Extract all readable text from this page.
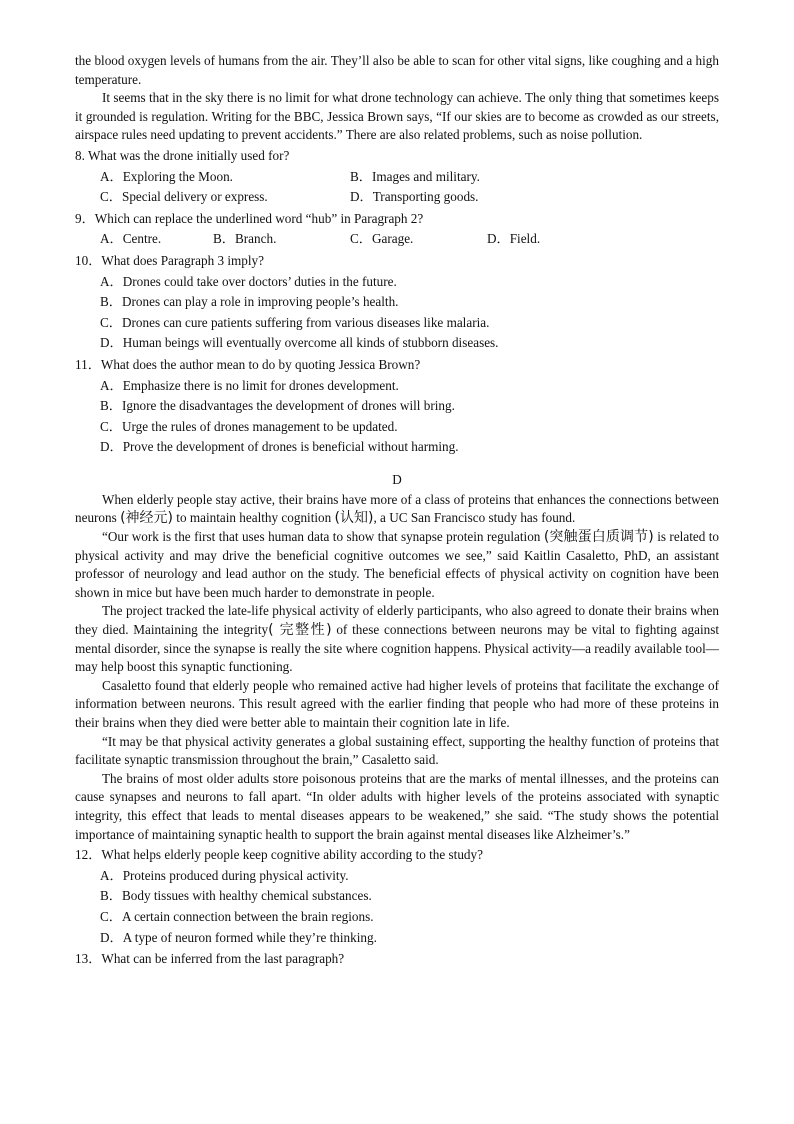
the blood oxygen levels of humans from the air. They’ll also be able to scan for other vital signs, like coughing and a high temperature.

It seems that in the sky there is no limit for what drone technology can achieve. The only thing that sometimes keeps it grounded is regulation. Writing for the BBC, Jessica Brown says, “If our skies are to become as crowded as our streets, airspace rules need updating to prevent accidents.” There are also related problems, such as noise pollution.

8. What was the drone initially used for?
A．Exploring the Moon.	B．Images and military.
C．Special delivery or express.	D．Transporting goods.
9．Which can replace the underlined word “hub” in Paragraph 2?
A．Centre.	B．Branch.	C．Garage.	D．Field.
10．What does Paragraph 3 imply?
A．Drones could take over doctors’ duties in the future.
B．Drones can play a role in improving people’s health.
C．Drones can cure patients suffering from various diseases like malaria.
D．Human beings will eventually overcome all kinds of stubborn diseases.
11．What does the author mean to do by quoting Jessica Brown?
A．Emphasize there is no limit for drones development.
B．Ignore the disadvantages the development of drones will bring.
C．Urge the rules of drones management to be updated.
D．Prove the development of drones is beneficial without harming.
D

When elderly people stay active, their brains have more of a class of proteins that enhances the connections between neurons (神经元) to maintain healthy cognition (认知), a UC San Francisco study has found.

“Our work is the first that uses human data to show that synapse protein regulation (突触蛋白质调节) is related to physical activity and may drive the beneficial cognitive outcomes we see,” said Kaitlin Casaletto, PhD, an assistant professor of neurology and lead author on the study. The beneficial effects of physical activity on cognition have been shown in mice but have been much harder to demonstrate in people.

The project tracked the late-life physical activity of elderly participants, who also agreed to donate their brains when they died. Maintaining the integrity( 完整性) of these connections between neurons may be vital to fighting against mental disorder, since the synapse is really the site where cognition happens. Physical activity—a readily available tool—may help boost this synaptic functioning.

Casaletto found that elderly people who remained active had higher levels of proteins that facilitate the exchange of information between neurons. This result agreed with the earlier finding that people who had more of these proteins in their brains when they died were better able to maintain their cognition late in life.

“It may be that physical activity generates a global sustaining effect, supporting the healthy function of proteins that facilitate synaptic transmission throughout the brain,” Casaletto said.

The brains of most older adults store poisonous proteins that are the marks of mental illnesses, and the proteins can cause synapses and neurons to fall apart. “In older adults with higher levels of the proteins associated with synaptic integrity, this effect that leads to mental diseases appears to be weakened,” she said. “The study shows the potential importance of maintaining synaptic health to support the brain against mental diseases like Alzheimer’s.”

12．What helps elderly people keep cognitive ability according to the study?
A．Proteins produced during physical activity.
B．Body tissues with healthy chemical substances.
C．A certain connection between the brain regions.
D．A type of neuron formed while they’re thinking.
13．What can be inferred from the last paragraph?
